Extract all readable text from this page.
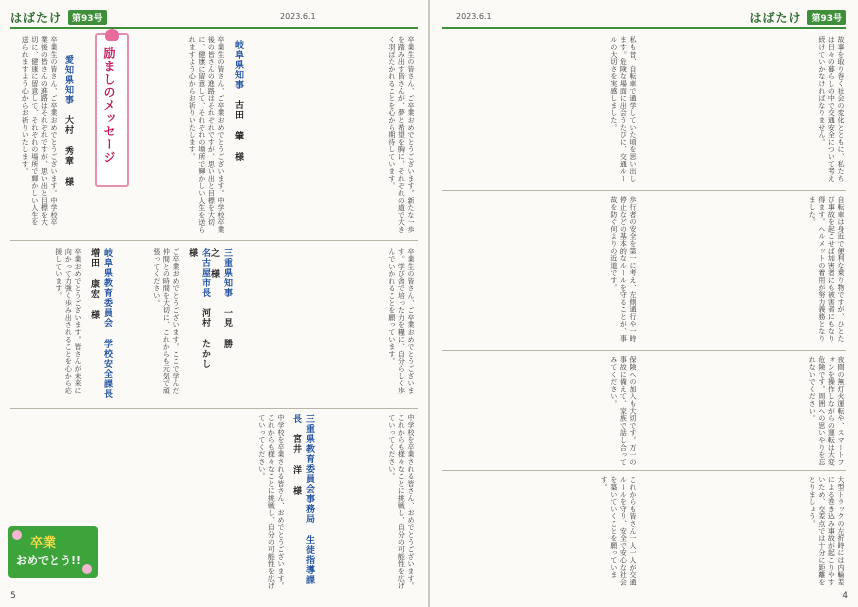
はばたけ	第93号	2023.6.1
卒業生の皆さん、ご卒業おめでとうございます。新たな一歩を踏み出す皆さんが、夢と希望を胸に、それぞれの道で大きく羽ばたかれることを心から期待しています。
岐阜県知事　古田 肇 様
卒業生の皆さん、ご卒業おめでとうございます。中学校卒業後の皆さんの進路はそれぞれですが、思い出と目標を大切に、健康に留意して、それぞれの場所で輝かしい人生を送られますよう心からお祈りいたします。
励ましのメッセージ
愛知県知事　大村 秀章 様
卒業生の皆さん、ご卒業おめでとうございます。中学校卒業後の皆さんの進路はそれぞれですが、思い出と目標を大切に、健康に留意して、それぞれの場所で輝かしい人生を送られますよう心からお祈りいたします。
三重県知事　一見 勝之 様	卒業生の皆さん、ご卒業おめでとうございます。学び舎で培った力を糧に、自分らしく歩んでいかれることを願っています。
名古屋市長　河村 たかし 様
ご卒業おめでとうございます。ここで学んだ仲間との時間を大切に、これからも元気で頑張ってください。
岐阜県教育委員会 学校安全課長　増田 康宏 様
卒業おめでとうございます。皆さんが未来に向かって力強く歩み出されることを心から応援しています。
三重県教育委員会事務局 生徒指導課長　宮井 洋 様	中学校を卒業される皆さん、おめでとうございます。これからも様々なことに挑戦し、自分の可能性を広げていってください。
中学校を卒業される皆さん、おめでとうございます。これからも様々なことに挑戦し、自分の可能性を広げていってください。
卒業
おめでとう!!
5
2023.6.1	はばたけ	第93号
故事を取り巻く社会の変化とともに、私たちは日々の暮らしの中で交通安全について考え続けていかなければなりません。
私も昔、自転車で通学していた頃を思い出します。危険な場面に出会うたびに、交通ルールの大切さを実感しました。
自転車は身近で便利な乗り物ですが、ひとたび事故を起こせば加害者にも被害者にもなり得ます。ヘルメットの着用が努力義務となりました。
歩行者の安全を第一に考え、左側通行や一時停止などの基本的なルールを守ることが、事故を防ぐ何よりの近道です。
夜間の無灯火運転や、スマートフォンを操作しながらの運転は大変危険です。周囲への思いやりを忘れないでください。
保険への加入も大切です。万一の事故に備えて、家族で話し合ってみてください。
大型トラックの左折時には内輪差による巻き込み事故が起こりやすいため、交差点では十分に距離をとりましょう。
これからも皆さん一人一人が交通ルールを守り、安全で安心な社会を築いていくことを願っています。
4
